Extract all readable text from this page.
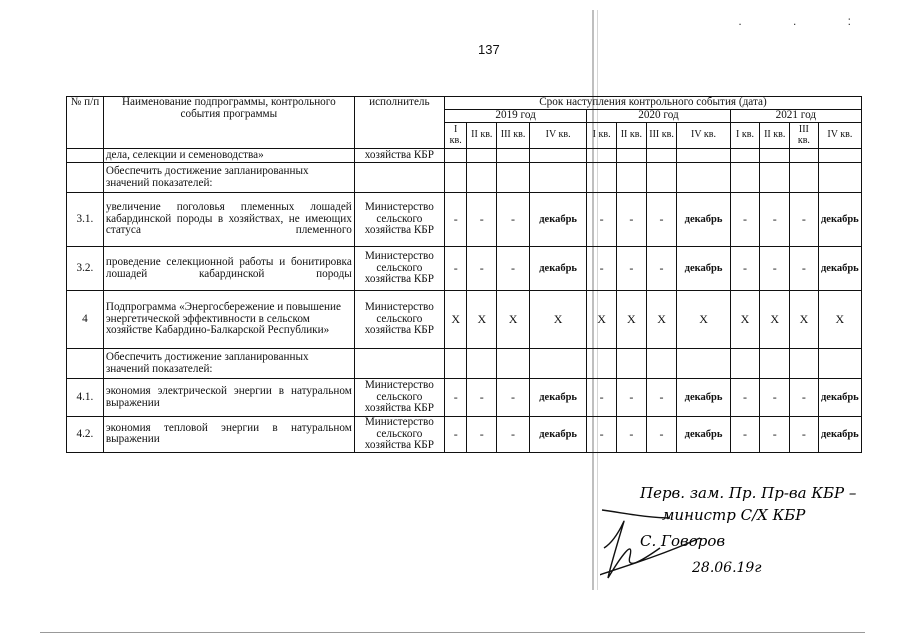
. . :
137
№ п/п	Наименование подпрограммы, контрольного события программы	исполнитель	Срок наступления контрольного события (дата)											
			2019 год				2020 год				2021 год			
			I кв.	II кв.	III кв.	IV кв.	I кв.	II кв.	III кв.	IV кв.	I кв.	II кв.	III кв.	IV кв.
	дела, селекции и семеноводства»	хозяйства КБР												
	Обеспечить достижение запланированных значений показателей:													
3.1.	увеличение поголовья племенных лошадей кабардинской породы в хозяйствах, не имеющих статуса племенного	Министерство сельского хозяйства КБР	-	-	-	декабрь	-	-	-	декабрь	-	-	-	декабрь
3.2.	проведение селекционной работы и бонитировка лошадей кабардинской породы	Министерство сельского хозяйства КБР	-	-	-	декабрь	-	-	-	декабрь	-	-	-	декабрь
4	Подпрограмма «Энергосбережение и повышение энергетической эффективности в сельском хозяйстве Кабардино-Балкарской Республики»	Министерство сельского хозяйства КБР	X	X	X	X	X	X	X	X	X	X	X	X
	Обеспечить достижение запланированных значений показателей:													
4.1.	экономия электрической энергии в натуральном выражении	Министерство сельского хозяйства КБР	-	-	-	декабрь	-	-	-	декабрь	-	-	-	декабрь
4.2.	экономия тепловой энергии в натуральном выражении	Министерство сельского хозяйства КБР	-	-	-	декабрь	-	-	-	декабрь	-	-	-	декабрь
Перв. зам. Пр. Пр-ва КБР –
министр С/Х КБР
С. Говоров
28.06.19г
